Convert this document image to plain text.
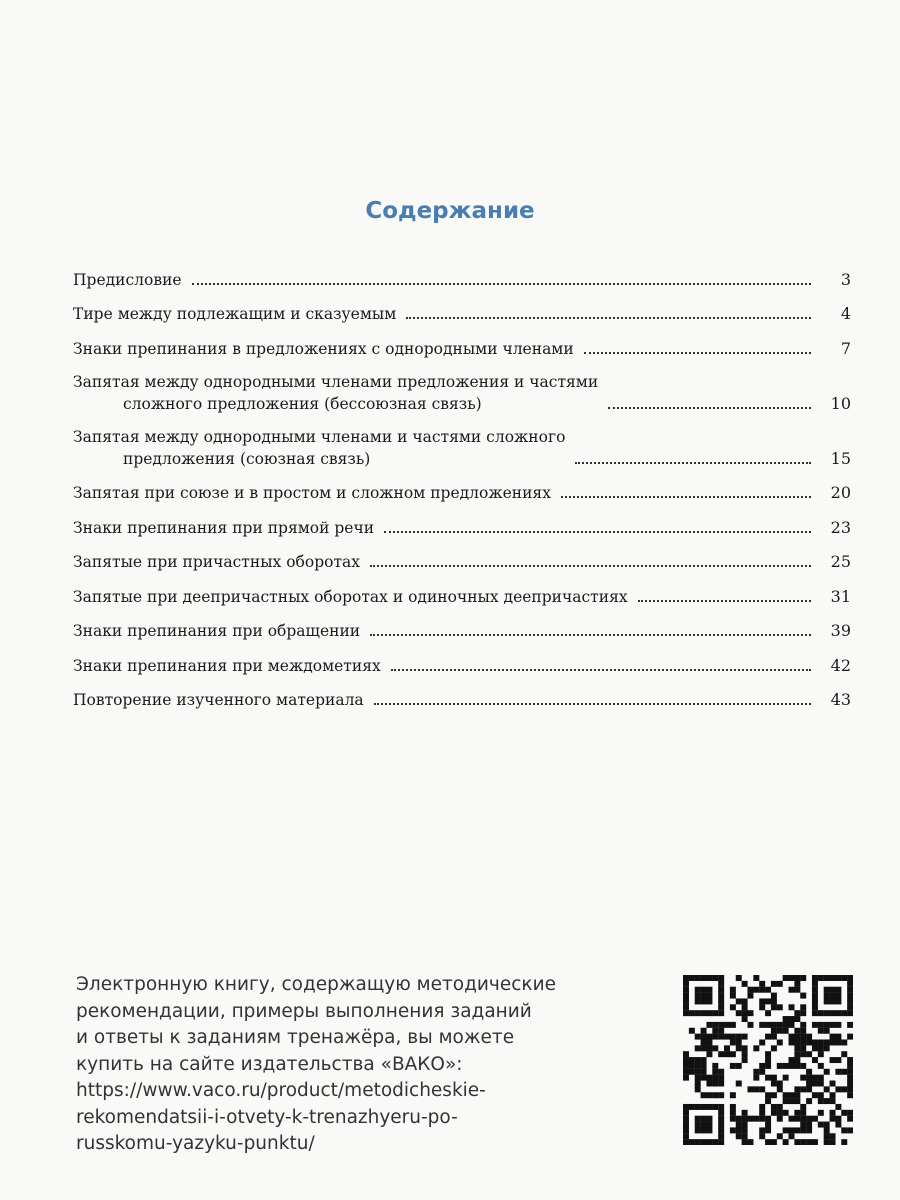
Содержание
Предисловие	3
Тире между подлежащим и сказуемым	4
Знаки препинания в предложениях с однородными членами	7
Запятая между однородными членами предложения и частями
сложного предложения (бессоюзная связь)	10
Запятая между однородными членами и частями сложного
предложения (союзная связь)	15
Запятая при союзе и в простом и сложном предложениях	20
Знаки препинания при прямой речи	23
Запятые при причастных оборотах	25
Запятые при деепричастных оборотах и одиночных деепричастиях	31
Знаки препинания при обращении	39
Знаки препинания при междометиях	42
Повторение изученного материала	43
Электронную книгу, содержащую методические
рекомендации, примеры выполнения заданий
и ответы к заданиям тренажёра, вы можете
купить на сайте издательства «ВАКО»:
https://www.vaco.ru/product/metodicheskie-
rekomendatsii-i-otvety-k-trenazhyeru-po-
russkomu-yazyku-punktu/
